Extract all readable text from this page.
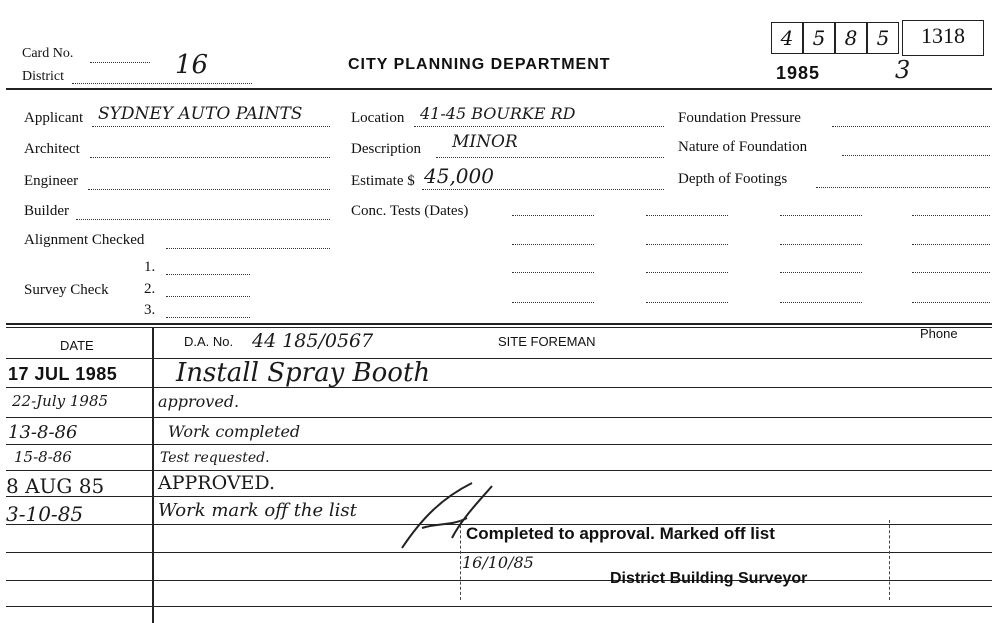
Card No.	16
District
CITY PLANNING DEPARTMENT	1985	3
4 5 8 5	1318
Applicant SYDNEY AUTO PAINTS
Architect
Engineer
Builder
Alignment Checked
Survey Check
1.
2.
3.
Location 41-45 BOURKE RD
Description MINOR
Estimate $ 45,000
Conc. Tests (Dates)
Foundation Pressure
Nature of Foundation
Depth of Footings
DATE	D.A. No. 44 185/0567	SITE FOREMAN
Phone
17 JUL 1985 Install Spray Booth
22-July 1985	approved.
13-8-86	Work completed
15-8-86	Test requested.
8 AUG 85	APPROVED.
3-10-85	Work mark off the list
Completed to approval. Marked off list
16/10/85
District Building Surveyor
